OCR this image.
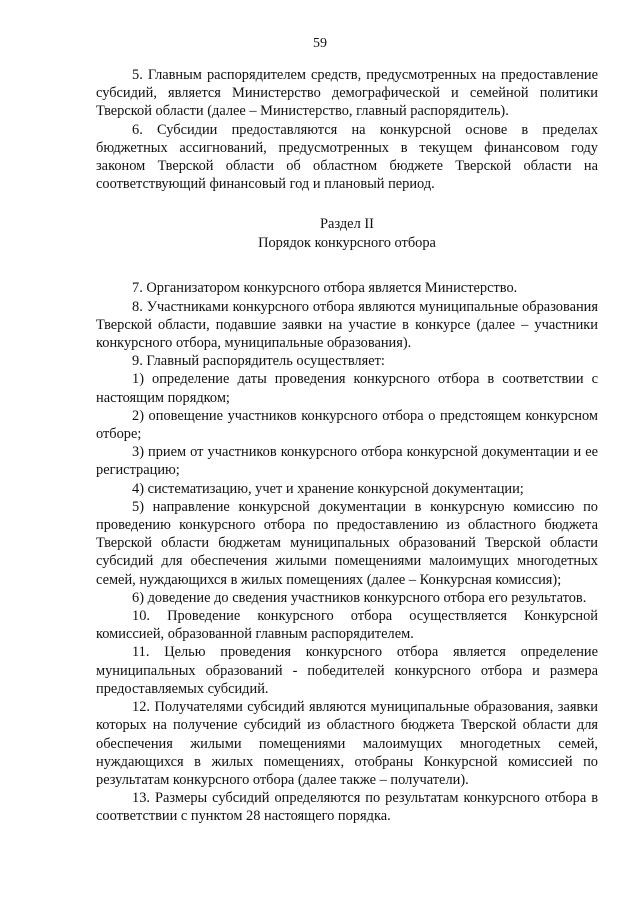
59

5. Главным распорядителем средств, предусмотренных на предоставление субсидий, является Министерство демографической и семейной политики Тверской области (далее – Министерство, главный распорядитель).

6. Субсидии предоставляются на конкурсной основе в пределах бюджетных ассигнований, предусмотренных в текущем финансовом году законом Тверской области об областном бюджете Тверской области на соответствующий финансовый год и плановый период.

Раздел II
Порядок конкурсного отбора

7. Организатором конкурсного отбора является Министерство.

8. Участниками конкурсного отбора являются муниципальные образования Тверской области, подавшие заявки на участие в конкурсе (далее – участники конкурсного отбора, муниципальные образования).

9. Главный распорядитель осуществляет:

1) определение даты проведения конкурсного отбора в соответствии с настоящим порядком;

2) оповещение участников конкурсного отбора о предстоящем конкурсном отборе;

3) прием от участников конкурсного отбора конкурсной документации и ее регистрацию;

4) систематизацию, учет и хранение конкурсной документации;

5) направление конкурсной документации в конкурсную комиссию по проведению конкурсного отбора по предоставлению из областного бюджета Тверской области бюджетам муниципальных образований Тверской области субсидий для обеспечения жилыми помещениями малоимущих многодетных семей, нуждающихся в жилых помещениях (далее – Конкурсная комиссия);

6) доведение до сведения участников конкурсного отбора его результатов.

10. Проведение конкурсного отбора осуществляется Конкурсной комиссией, образованной главным распорядителем.

11. Целью проведения конкурсного отбора является определение муниципальных образований - победителей конкурсного отбора и размера предоставляемых субсидий.

12. Получателями субсидий являются муниципальные образования, заявки которых на получение субсидий из областного бюджета Тверской области для обеспечения жилыми помещениями малоимущих многодетных семей, нуждающихся в жилых помещениях, отобраны Конкурсной комиссией по результатам конкурсного отбора (далее также – получатели).

13. Размеры субсидий определяются по результатам конкурсного отбора в соответствии с пунктом 28 настоящего порядка.
